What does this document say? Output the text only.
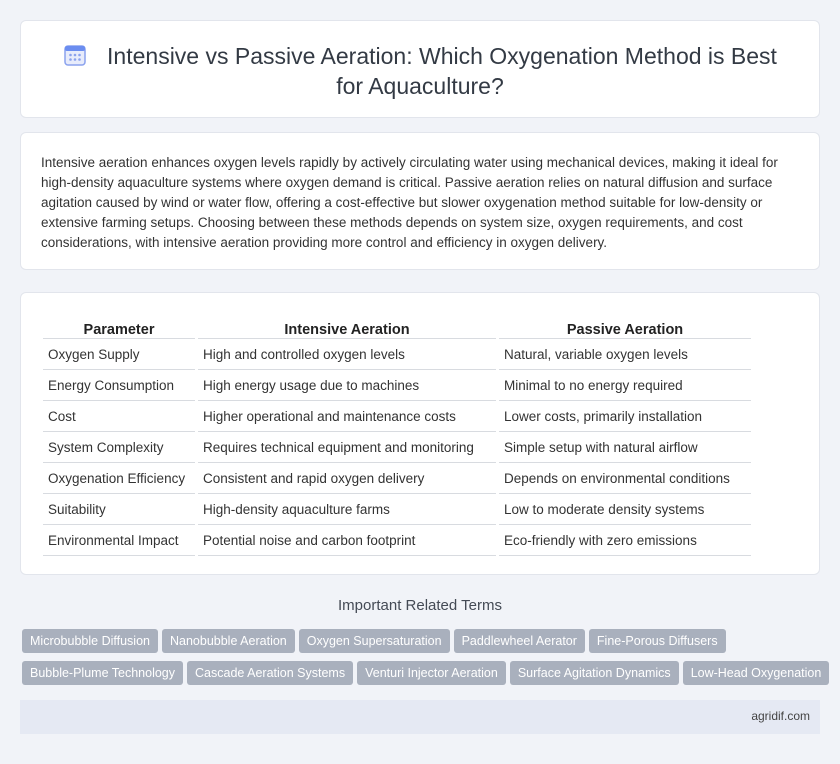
Intensive vs Passive Aeration: Which Oxygenation Method is Best for Aquaculture?

Intensive aeration enhances oxygen levels rapidly by actively circulating water using mechanical devices, making it ideal for high-density aquaculture systems where oxygen demand is critical. Passive aeration relies on natural diffusion and surface agitation caused by wind or water flow, offering a cost-effective but slower oxygenation method suitable for low-density or extensive farming setups. Choosing between these methods depends on system size, oxygen requirements, and cost considerations, with intensive aeration providing more control and efficiency in oxygen delivery.

Parameter		Intensive Aeration		Passive Aeration
Oxygen Supply		High and controlled oxygen levels		Natural, variable oxygen levels
Energy Consumption		High energy usage due to machines		Minimal to no energy required
Cost		Higher operational and maintenance costs		Lower costs, primarily installation
System Complexity		Requires technical equipment and monitoring		Simple setup with natural airflow
Oxygenation Efficiency		Consistent and rapid oxygen delivery		Depends on environmental conditions
Suitability		High-density aquaculture farms		Low to moderate density systems
Environmental Impact		Potential noise and carbon footprint		Eco-friendly with zero emissions
Important Related Terms
Microbubble Diffusion Nanobubble Aeration Oxygen Supersaturation Paddlewheel Aerator Fine-Porous Diffusers
Bubble-Plume Technology Cascade Aeration Systems Venturi Injector Aeration Surface Agitation Dynamics Low-Head Oxygenation
agridif.com
